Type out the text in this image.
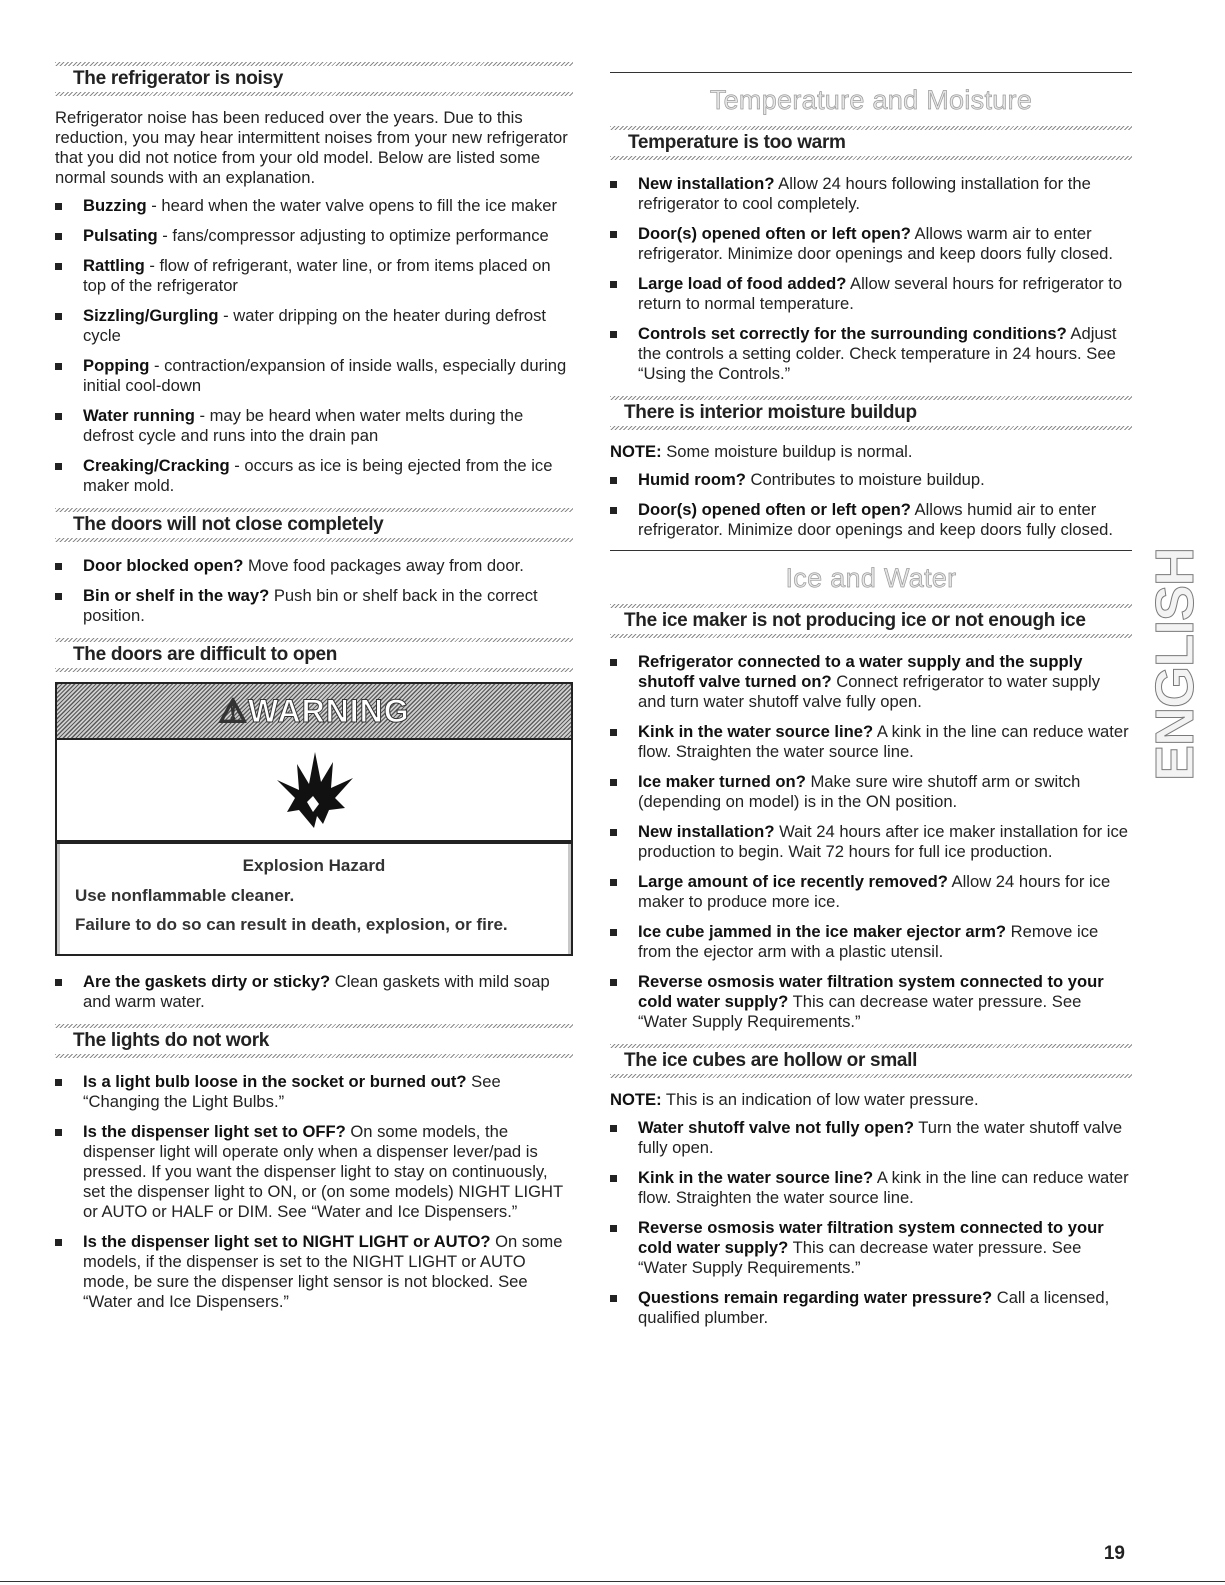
The refrigerator is noisy

Refrigerator noise has been reduced over the years. Due to this reduction, you may hear intermittent noises from your new refrigerator that you did not notice from your old model. Below are listed some normal sounds with an explanation.

Buzzing - heard when the water valve opens to fill the ice maker
Pulsating - fans/compressor adjusting to optimize performance
Rattling - flow of refrigerant, water line, or from items placed on top of the refrigerator
Sizzling/Gurgling - water dripping on the heater during defrost cycle
Popping - contraction/expansion of inside walls, especially during initial cool-down
Water running - may be heard when water melts during the defrost cycle and runs into the drain pan
Creaking/Cracking - occurs as ice is being ejected from the ice maker mold.
The doors will not close completely
Door blocked open? Move food packages away from door.
Bin or shelf in the way? Push bin or shelf back in the correct position.
The doors are difficult to open
⚠WARNING

Explosion Hazard

Use nonflammable cleaner.

Failure to do so can result in death, explosion, or fire.

Are the gaskets dirty or sticky? Clean gaskets with mild soap and warm water.
The lights do not work
Is a light bulb loose in the socket or burned out? See “Changing the Light Bulbs.”
Is the dispenser light set to OFF? On some models, the dispenser light will operate only when a dispenser lever/pad is pressed. If you want the dispenser light to stay on continuously, set the dispenser light to ON, or (on some models) NIGHT LIGHT or AUTO or HALF or DIM. See “Water and Ice Dispensers.”
Is the dispenser light set to NIGHT LIGHT or AUTO? On some models, if the dispenser is set to the NIGHT LIGHT or AUTO mode, be sure the dispenser light sensor is not blocked. See “Water and Ice Dispensers.”
Temperature and Moisture
Temperature is too warm
New installation? Allow 24 hours following installation for the refrigerator to cool completely.
Door(s) opened often or left open? Allows warm air to enter refrigerator. Minimize door openings and keep doors fully closed.
Large load of food added? Allow several hours for refrigerator to return to normal temperature.
Controls set correctly for the surrounding conditions? Adjust the controls a setting colder. Check temperature in 24 hours. See “Using the Controls.”
There is interior moisture buildup

NOTE: Some moisture buildup is normal.

Humid room? Contributes to moisture buildup.
Door(s) opened often or left open? Allows humid air to enter refrigerator. Minimize door openings and keep doors fully closed.
Ice and Water
The ice maker is not producing ice or not enough ice
Refrigerator connected to a water supply and the supply shutoff valve turned on? Connect refrigerator to water supply and turn water shutoff valve fully open.
Kink in the water source line? A kink in the line can reduce water flow. Straighten the water source line.
Ice maker turned on? Make sure wire shutoff arm or switch (depending on model) is in the ON position.
New installation? Wait 24 hours after ice maker installation for ice production to begin. Wait 72 hours for full ice production.
Large amount of ice recently removed? Allow 24 hours for ice maker to produce more ice.
Ice cube jammed in the ice maker ejector arm? Remove ice from the ejector arm with a plastic utensil.
Reverse osmosis water filtration system connected to your cold water supply? This can decrease water pressure. See “Water Supply Requirements.”
The ice cubes are hollow or small

NOTE: This is an indication of low water pressure.

Water shutoff valve not fully open? Turn the water shutoff valve fully open.
Kink in the water source line? A kink in the line can reduce water flow. Straighten the water source line.
Reverse osmosis water filtration system connected to your cold water supply? This can decrease water pressure. See “Water Supply Requirements.”
Questions remain regarding water pressure? Call a licensed, qualified plumber.
ENGLISH
19
